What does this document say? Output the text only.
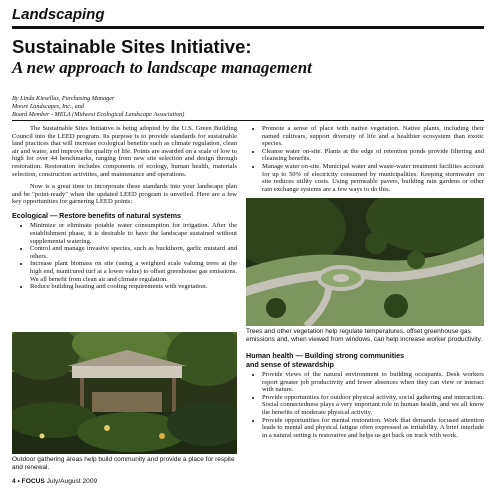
Landscaping
Sustainable Sites Initiative:
A new approach to landscape management
By Linda Kiesellus, Purchasing Manager
Moore Landscapes, Inc., and
Board Member - MELA (Midwest Ecological Landscape Association)

The Sustainable Sites Initiative is being adopted by the U.S. Green Building Council into the LEED program. Its purpose is to provide standards for sustainable land practices that will increase ecological benefits such as climate regulation, clean air and water, and improve the quality of life. Points are awarded on a scale of low to high for over 44 benchmarks, ranging from new site selection and design through restoration. Restoration includes components of ecology, human health, materials selection, construction activities, and maintenance and operations.

Now is a great time to incorporate these standards into your landscape plan and be "point-ready" when the updated LEED program is unveiled. Here are a few key opportunities for garnering LEED points:

Ecological — Restore benefits of natural systems
• Minimize or eliminate potable water consumption for irrigation. After the establishment phase, it is desirable to have the landscape sustained without supplemental watering.
• Control and manage invasive species, such as buckthorn, garlic mustard and others.
• Increase plant biomass on site (using a weighted scale valuing trees at the high end, manicured turf at a lower value) to offset greenhouse gas emissions. We all benefit from clean air and climate regulation.
• Reduce building heating and cooling requirements with vegetation.
Outdoor gathering areas help build community and provide a place for respite and renewal.
• Promote a sense of place with native vegetation. Native plants, including their named cultivars, support diversity of life and a healthier ecosystem than exotic species.
• Cleanse water on-site. Plants at the edge of retention ponds provide filtering and cleansing benefits.
• Manage water on-site. Municipal water and waste-water treatment facilities account for up to 50% of electricity consumed by municipalities. Keeping stormwater on site reduces utility costs. Using permeable pavers, building rain gardens or other rain exchange systems are a few ways to do this.
Trees and other vegetation help regulate temperatures, offset greenhouse gas emissions and, when viewed from windows, can help increase worker productivity.
Human health — Building strong communities
and sense of stewardship
• Provide views of the natural environment to building occupants. Desk workers report greater job productivity and fewer absences when they can view or interact with nature.
• Provide opportunities for outdoor physical activity, social gathering and interaction. Social connectedness plays a very important role in human health, and we all know the benefits of moderate physical activity.
• Provide opportunities for mental restoration. Work that demands focused attention leads to mental and physical fatigue often expressed as irritability. A brief interlude in a natural setting is restorative and helps us get back on track with work.
4 • FOCUS July/August 2009
